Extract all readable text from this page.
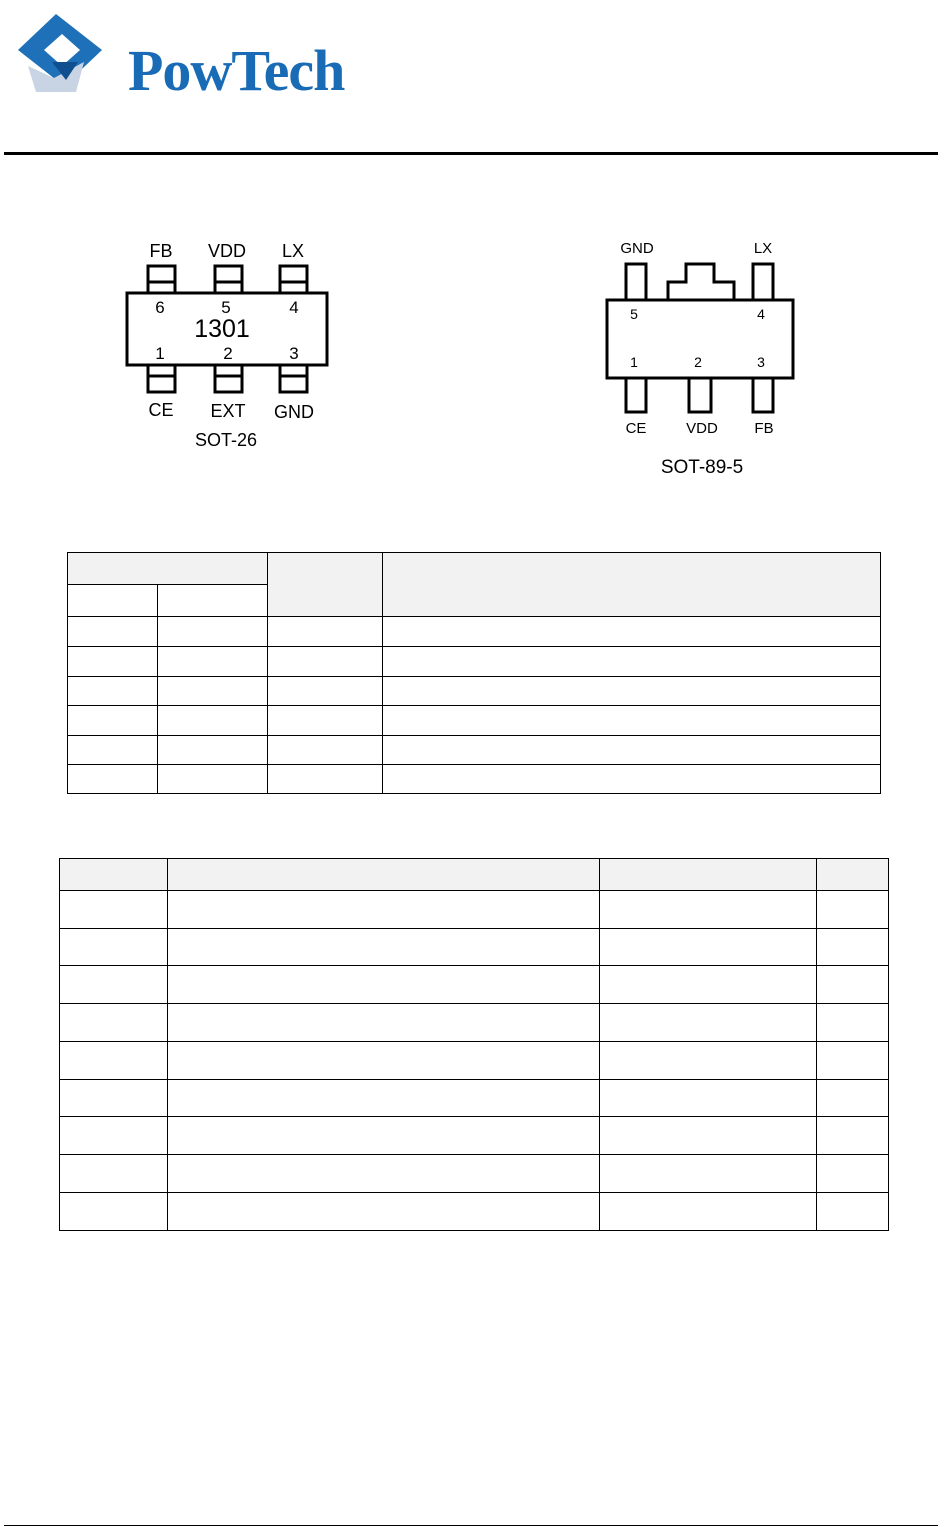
PowTech
FB VDD LX
6	5	4
1301
1	2	3
CE EXT GND
SOT-26
GND	LX
5	4
1	2	3
CE	VDD FB
SOT-89-5
